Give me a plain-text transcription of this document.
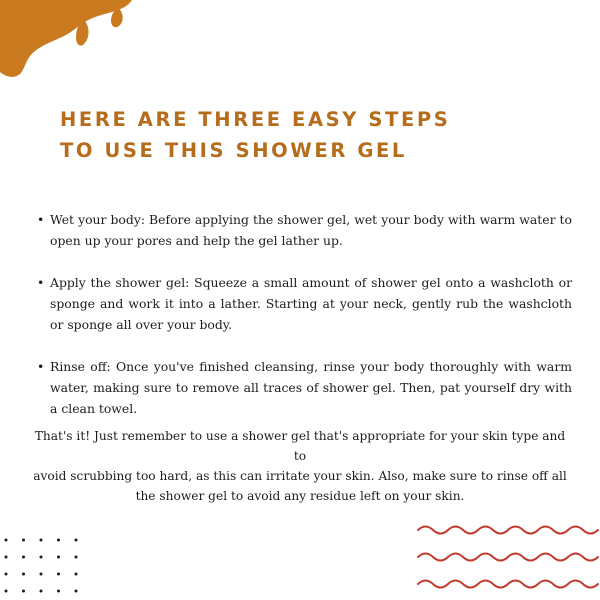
HERE ARE THREE EASY STEPS
TO USE THIS SHOWER GEL
• Wet your body: Before applying the shower gel, wet your body with warm water to open up your pores and help the gel lather up.
• Apply the shower gel: Squeeze a small amount of shower gel onto a washcloth or sponge and work it into a lather. Starting at your neck, gently rub the washcloth or sponge all over your body.
• Rinse off: Once you've finished cleansing, rinse your body thoroughly with warm water, making sure to remove all traces of shower gel. Then, pat yourself dry with a clean towel.

That's it! Just remember to use a shower gel that's appropriate for your skin type and to
avoid scrubbing too hard, as this can irritate your skin. Also, make sure to rinse off all
the shower gel to avoid any residue left on your skin.
